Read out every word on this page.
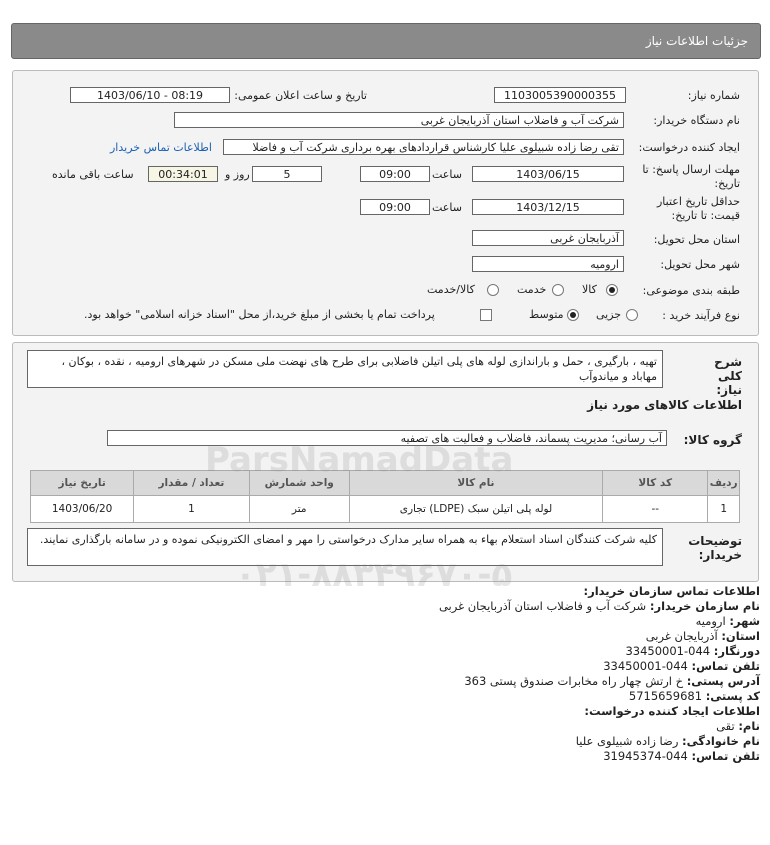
جزئیات اطلاعات نیاز
شماره نیاز:
1103005390000355
تاریخ و ساعت اعلان عمومی:
1403/06/10 - 08:19
نام دستگاه خریدار:
شرکت آب و فاضلاب استان آذربایجان غربی
ایجاد کننده درخواست:
تقی رضا زاده شبیلوی علیا کارشناس قراردادهای بهره برداری شرکت آب و فاضلا
اطلاعات تماس خریدار
مهلت ارسال پاسخ: تا تاریخ:
1403/06/15
ساعت
09:00
5
روز و
00:34:01
ساعت باقی مانده
حداقل تاریخ اعتبار قیمت: تا تاریخ:
1403/12/15
ساعت
09:00
استان محل تحویل:
آذربایجان غربی
شهر محل تحویل:
ارومیه
طبقه بندی موضوعی:
کالا
خدمت
کالا/خدمت
نوع فرآیند خرید :
جزیی
متوسط
پرداخت تمام یا بخشی از مبلغ خرید،از محل "اسناد خزانه اسلامی" خواهد بود.
شرح کلی نیاز:
تهیه ، بارگیری ، حمل و باراندازی لوله های پلی اتیلن فاضلابی برای طرح های نهضت ملی مسکن در شهرهای ارومیه ، نقده ، بوکان ، مهاباد و میاندوآب
اطلاعات کالاهای مورد نیاز
گروه کالا:
آب رسانی؛ مدیریت پسماند، فاضلاب و فعالیت های تصفیه
ردیف	کد کالا	نام کالا	واحد شمارش	تعداد / مقدار	تاریخ نیاز
1	--	لوله پلی اتیلن سبک (LDPE) تجاری	متر	1	1403/06/20
توضیحات خریدار:
کلیه شرکت کنندگان اسناد استعلام بهاء به همراه سایر مدارک درخواستی را مهر و امضای الکترونیکی نموده و در سامانه بارگذاری نمایند.
اطلاعات تماس سازمان خریدار:
نام سازمان خریدار: شرکت آب و فاضلاب استان آذربایجان غربی
شهر: ارومیه
استان: آذربایجان غربی
دورنگار: 044-33450001
تلفن تماس: 044-33450001
آدرس پستی: خ ارتش چهار راه مخابرات صندوق پستی 363
کد پستی: 5715659681
اطلاعات ایجاد کننده درخواست:
نام: تقی
نام خانوادگی: رضا زاده شبیلوی علیا
تلفن تماس: 044-31945374
